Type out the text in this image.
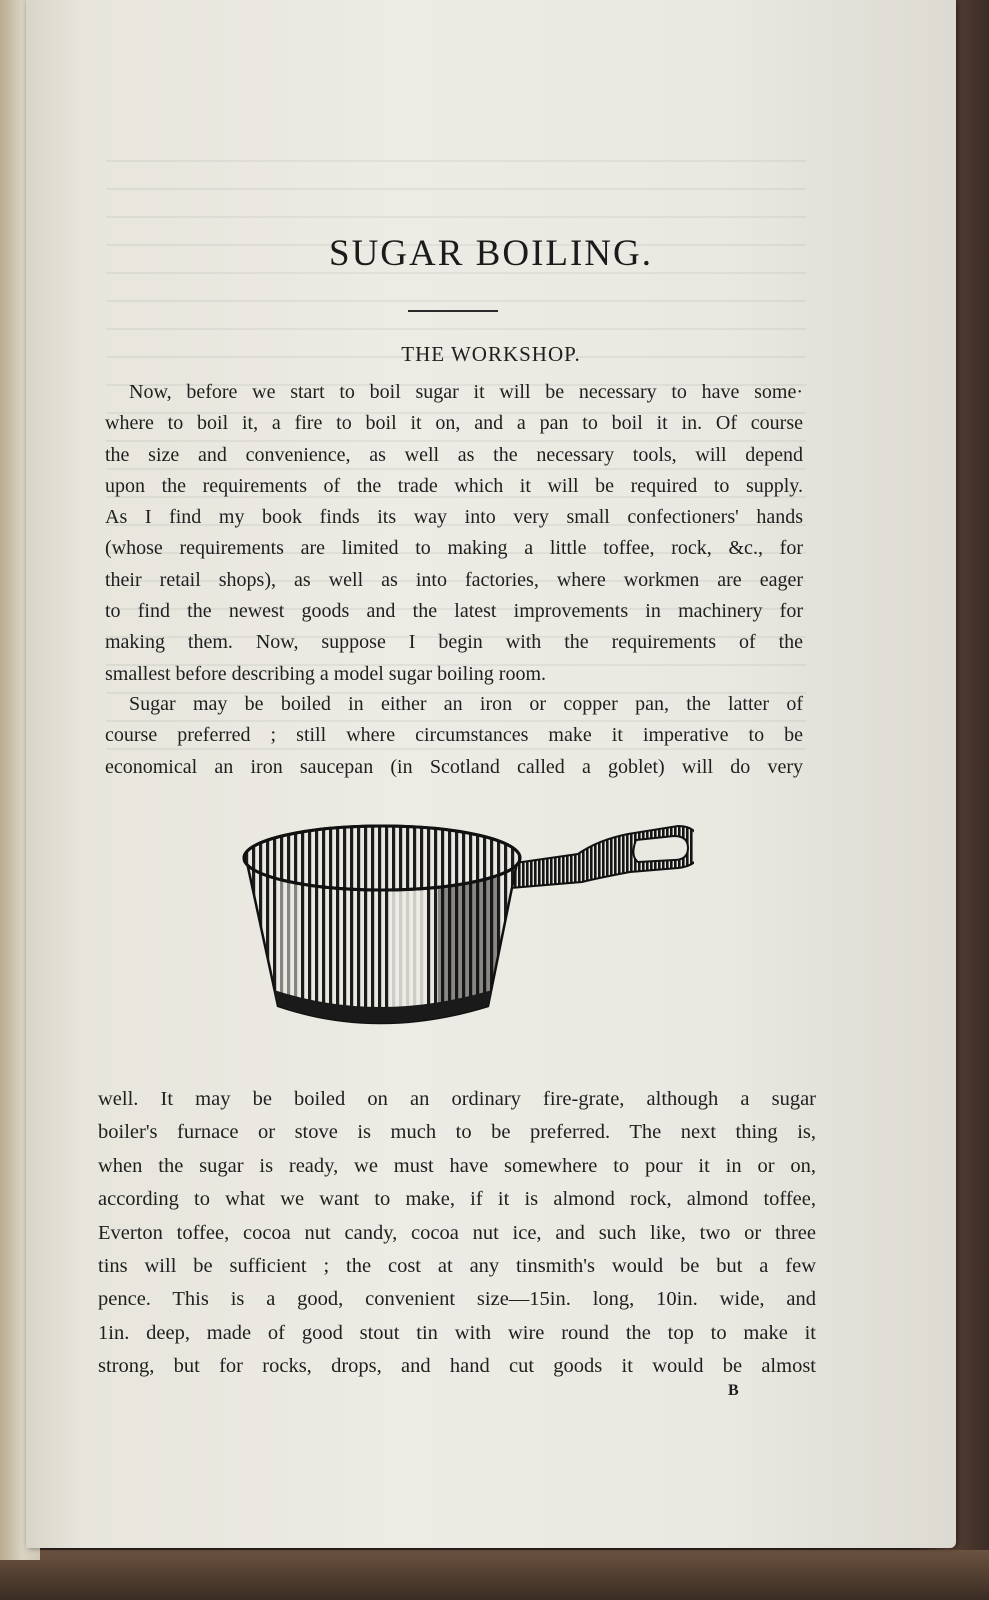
SUGAR BOILING.
THE WORKSHOP.
Now, before we start to boil sugar it will be necessary to have some·
where to boil it, a fire to boil it on, and a pan to boil it in. Of course
the size and convenience, as well as the necessary tools, will depend
upon the requirements of the trade which it will be required to supply.
As I find my book finds its way into very small confectioners' hands
(whose requirements are limited to making a little toffee, rock, &c., for
their retail shops), as well as into factories, where workmen are eager
to find the newest goods and the latest improvements in machinery for
making them. Now, suppose I begin with the requirements of the
smallest before describing a model sugar boiling room.
Sugar may be boiled in either an iron or copper pan, the latter of
course preferred ; still where circumstances make it imperative to be
economical an iron saucepan (in Scotland called a goblet) will do very
well. It may be boiled on an ordinary fire-grate, although a sugar
boiler's furnace or stove is much to be preferred. The next thing is,
when the sugar is ready, we must have somewhere to pour it in or on,
according to what we want to make, if it is almond rock, almond toffee,
Everton toffee, cocoa nut candy, cocoa nut ice, and such like, two or three
tins will be sufficient ; the cost at any tinsmith's would be but a few
pence. This is a good, convenient size—15in. long, 10in. wide, and
1in. deep, made of good stout tin with wire round the top to make it
strong, but for rocks, drops, and hand cut goods it would be almost
B
